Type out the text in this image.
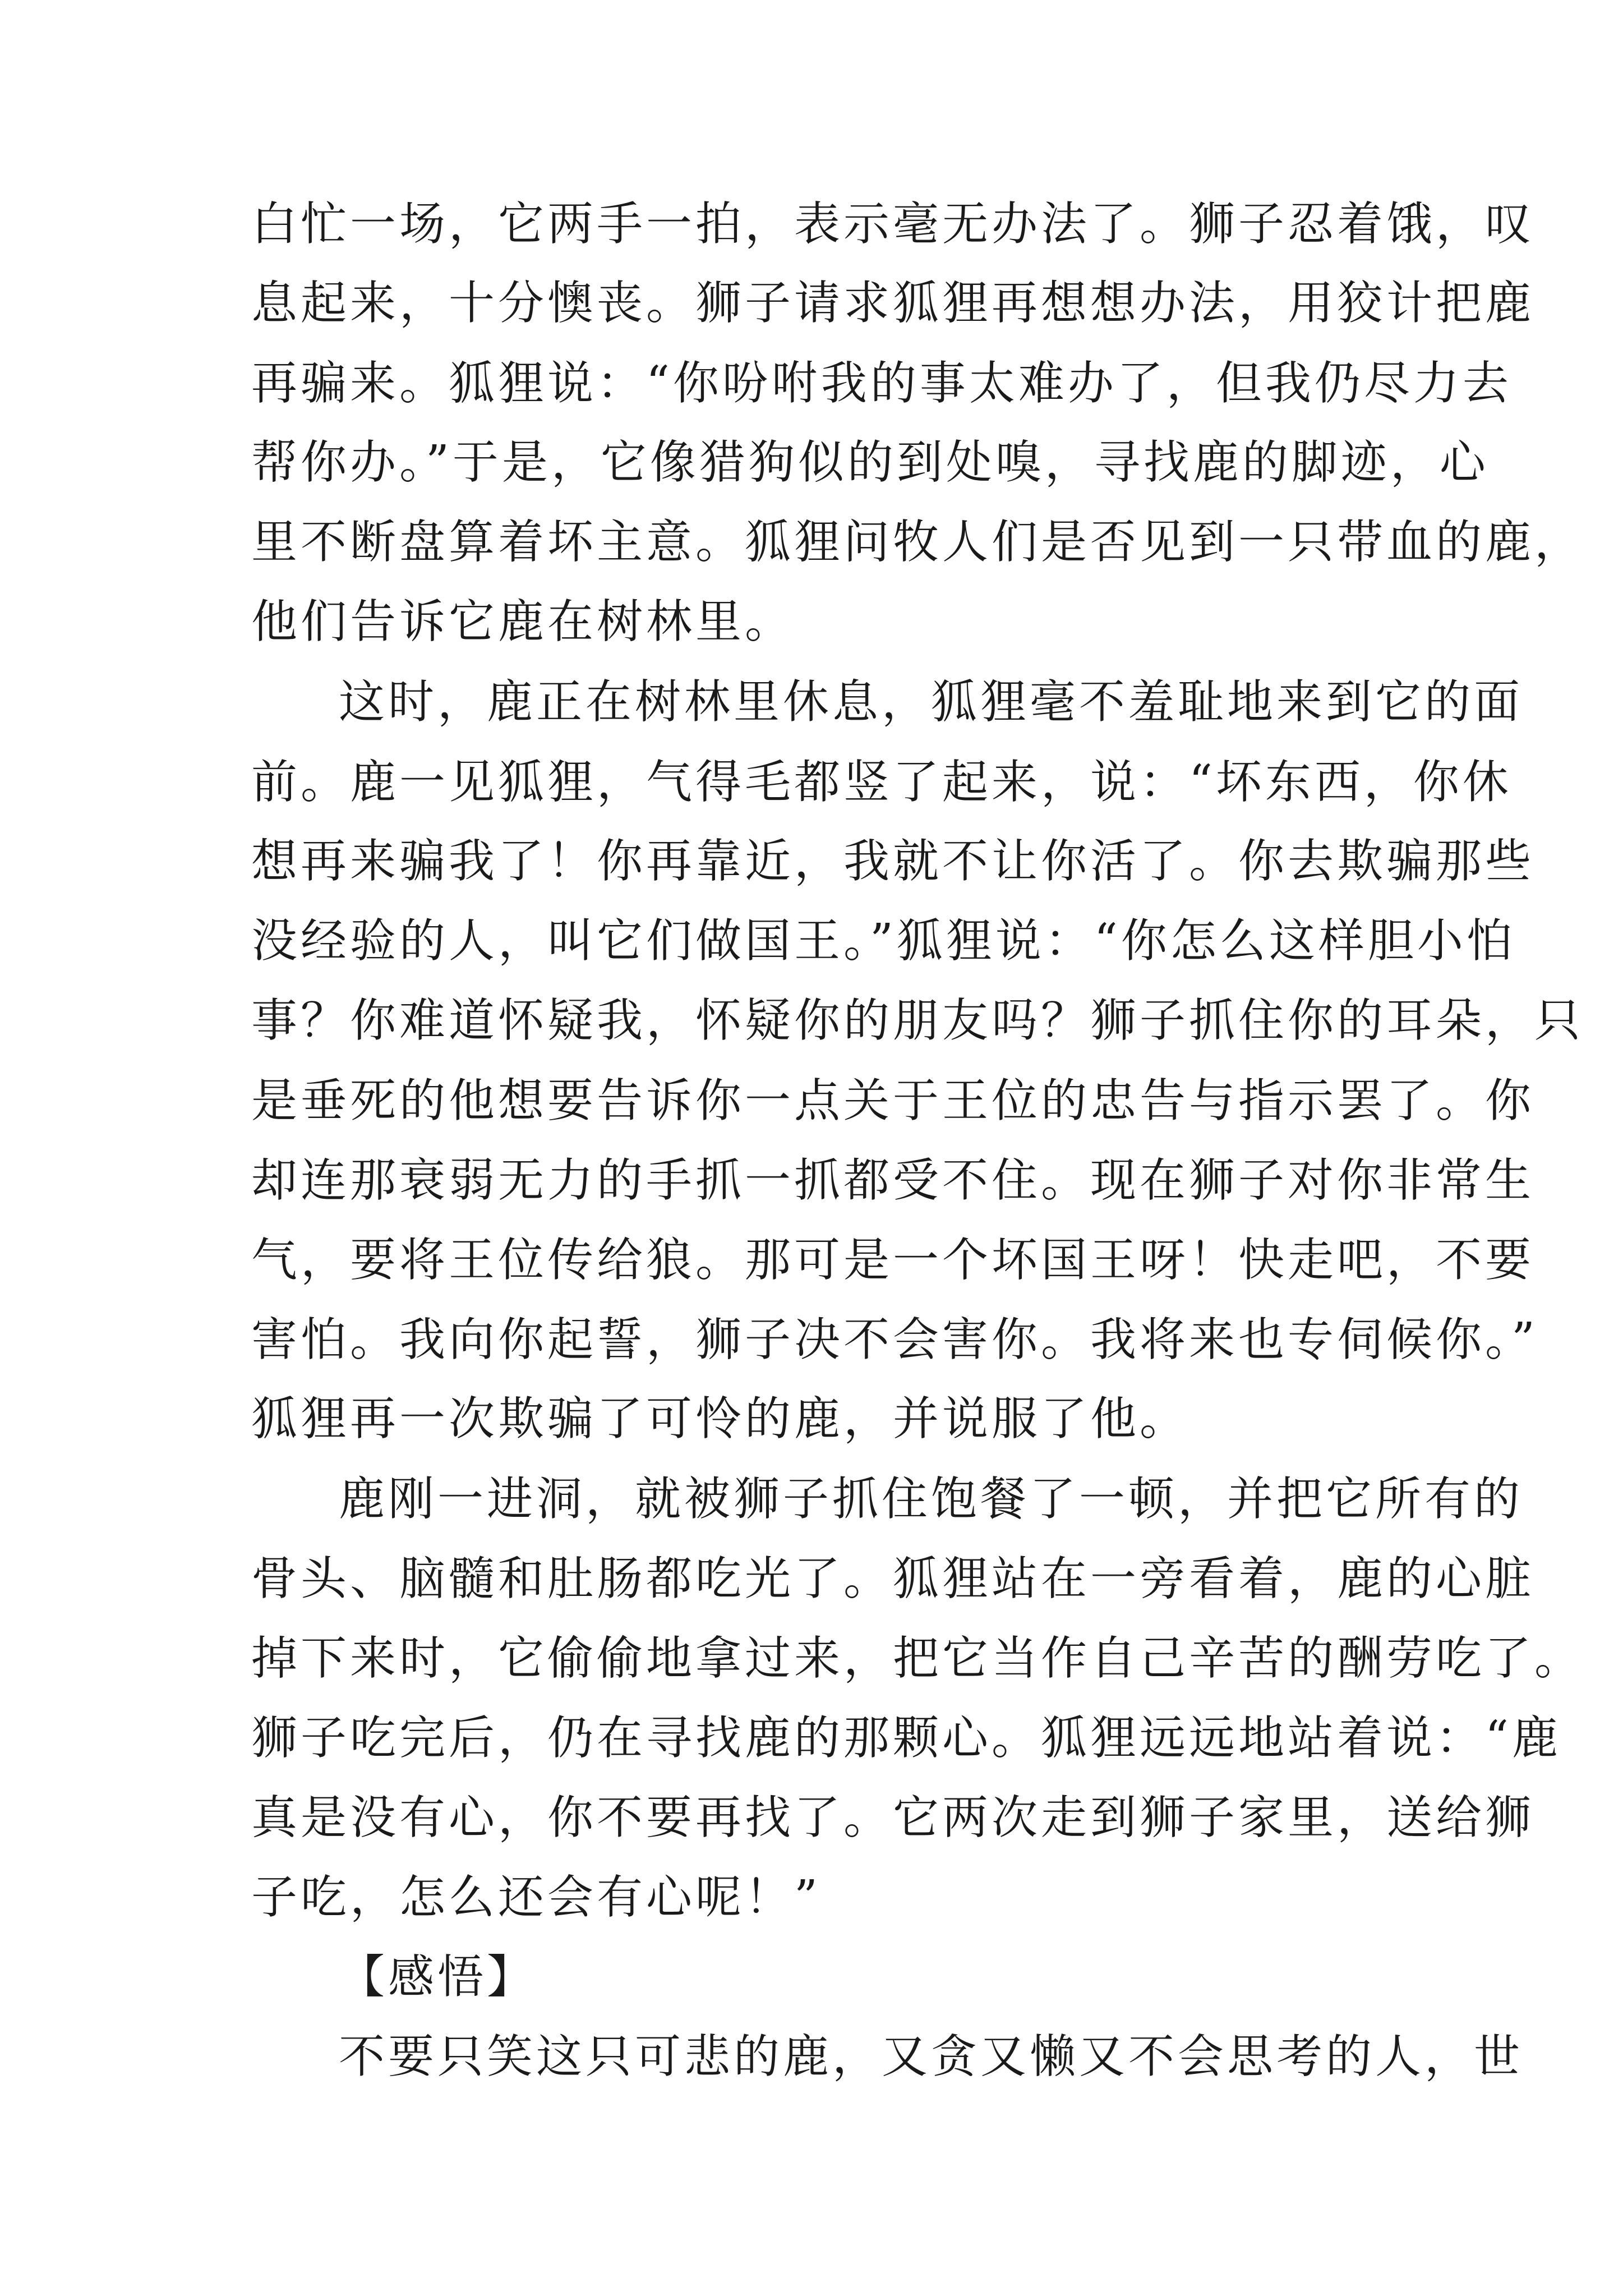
白忙一场，它两手一拍，表示毫无办法了。狮子忍着饿，叹
息起来，十分懊丧。狮子请求狐狸再想想办法，用狡计把鹿
再骗来。狐狸说：“你吩咐我的事太难办了，但我仍尽力去
帮你办。”于是，它像猎狗似的到处嗅，寻找鹿的脚迹，心
里不断盘算着坏主意。狐狸问牧人们是否见到一只带血的鹿，
他们告诉它鹿在树林里。
这时，鹿正在树林里休息，狐狸毫不羞耻地来到它的面
前。鹿一见狐狸，气得毛都竖了起来，说：“坏东西，你休
想再来骗我了！你再靠近，我就不让你活了。你去欺骗那些
没经验的人，叫它们做国王。”狐狸说：“你怎么这样胆小怕
事？你难道怀疑我，怀疑你的朋友吗？狮子抓住你的耳朵，只
是垂死的他想要告诉你一点关于王位的忠告与指示罢了。你
却连那衰弱无力的手抓一抓都受不住。现在狮子对你非常生
气，要将王位传给狼。那可是一个坏国王呀！快走吧，不要
害怕。我向你起誓，狮子决不会害你。我将来也专伺候你。”
狐狸再一次欺骗了可怜的鹿，并说服了他。
鹿刚一进洞，就被狮子抓住饱餐了一顿，并把它所有的
骨头、脑髓和肚肠都吃光了。狐狸站在一旁看着，鹿的心脏
掉下来时，它偷偷地拿过来，把它当作自己辛苦的酬劳吃了。
狮子吃完后，仍在寻找鹿的那颗心。狐狸远远地站着说：“鹿
真是没有心，你不要再找了。它两次走到狮子家里，送给狮
子吃，怎么还会有心呢！”
【感悟】
不要只笑这只可悲的鹿，又贪又懒又不会思考的人，世
